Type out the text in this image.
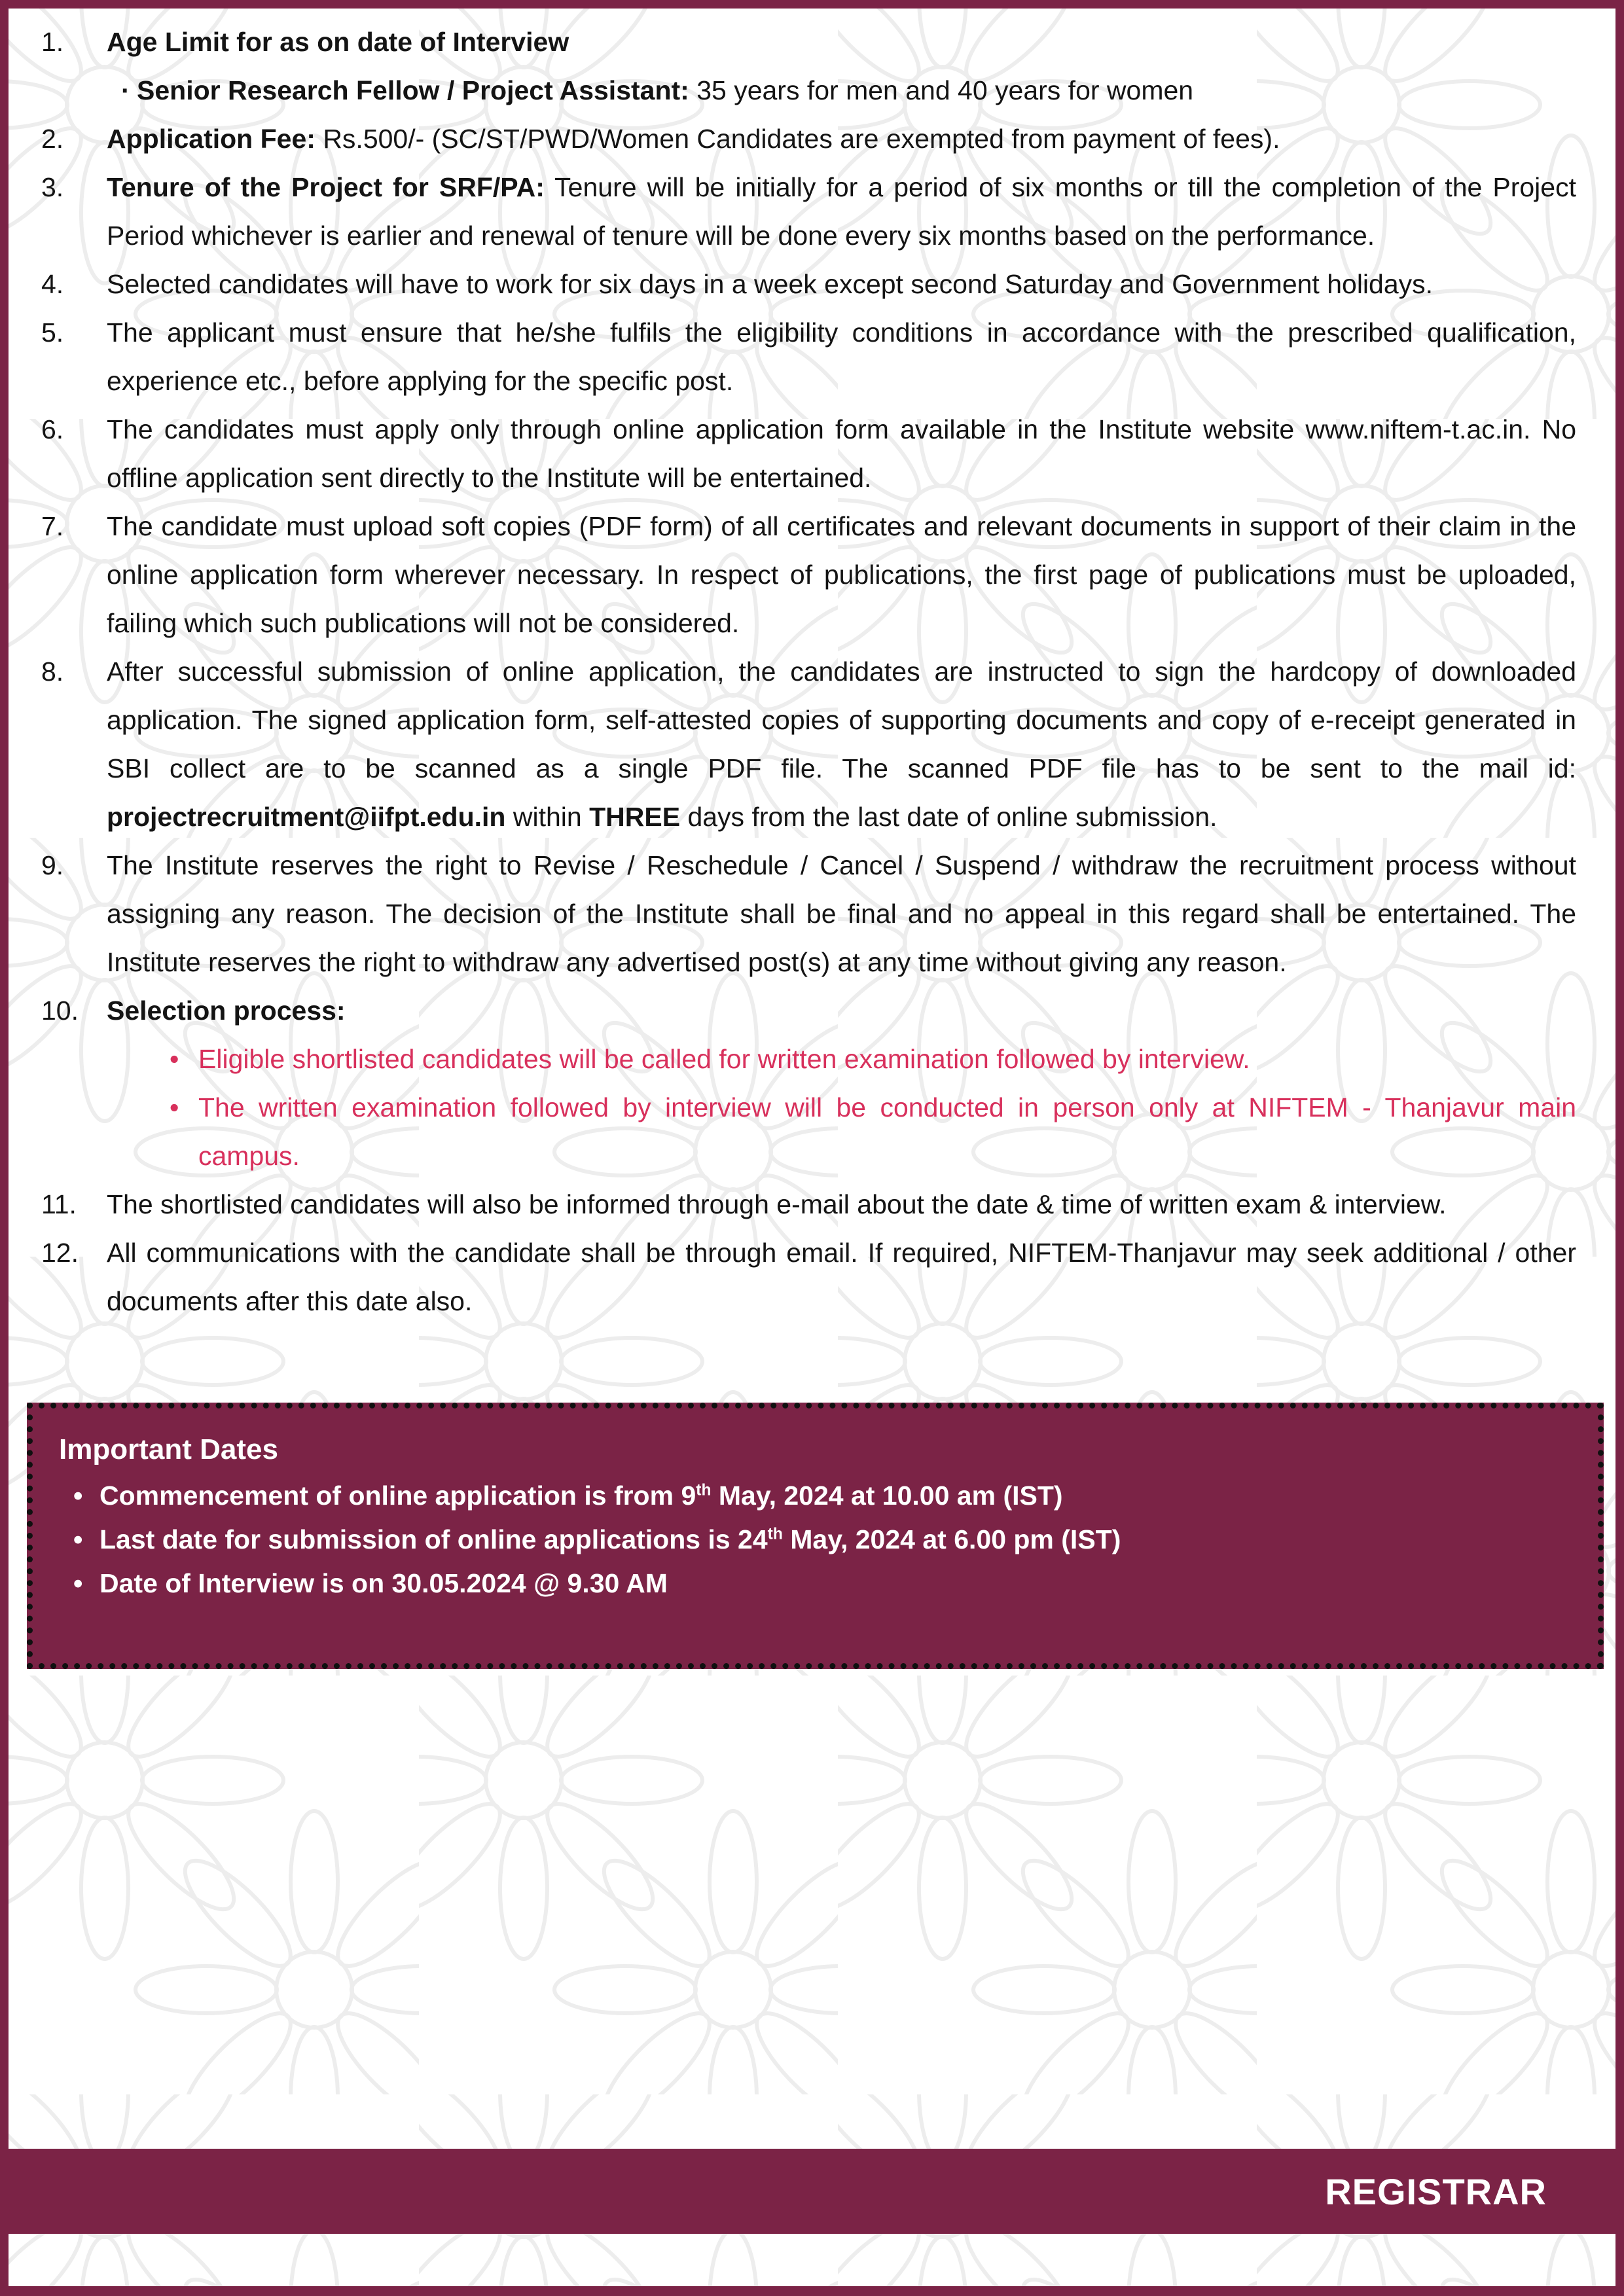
1.	Age Limit for as on date of Interview
· Senior Research Fellow / Project Assistant: 35 years for men and 40 years for women
2.	Application Fee: Rs.500/- (SC/ST/PWD/Women Candidates are exempted from payment of fees).
3.	Tenure of the Project for SRF/PA: Tenure will be initially for a period of six months or till the completion of the Project Period whichever is earlier and renewal of tenure will be done every six months based on the performance.
4.	Selected candidates will have to work for six days in a week except second Saturday and Government holidays.
5.	The applicant must ensure that he/she fulfils the eligibility conditions in accordance with the prescribed qualification, experience etc., before applying for the specific post.
6.	The candidates must apply only through online application form available in the Institute website www.niftem-t.ac.in. No offline application sent directly to the Institute will be entertained.
7.	The candidate must upload soft copies (PDF form) of all certificates and relevant documents in support of their claim in the online application form wherever necessary. In respect of publications, the first page of publications must be uploaded, failing which such publications will not be considered.
8.	After successful submission of online application, the candidates are instructed to sign the hardcopy of downloaded application. The signed application form, self-attested copies of supporting documents and copy of e-receipt generated in SBI collect are to be scanned as a single PDF file. The scanned PDF file has to be sent to the mail id: projectrecruitment@iifpt.edu.in within THREE days from the last date of online submission.
9.	The Institute reserves the right to Revise / Reschedule / Cancel / Suspend / withdraw the recruitment process without assigning any reason. The decision of the Institute shall be final and no appeal in this regard shall be entertained. The Institute reserves the right to withdraw any advertised post(s) at any time without giving any reason.
10.	Selection process:
• Eligible shortlisted candidates will be called for written examination followed by interview.
• The written examination followed by interview will be conducted in person only at NIFTEM - Thanjavur main campus.
11.	The shortlisted candidates will also be informed through e-mail about the date & time of written exam & interview.
12.	All communications with the candidate shall be through email. If required, NIFTEM-Thanjavur may seek additional / other documents after this date also.
Important Dates
• Commencement of online application is from 9th May, 2024 at 10.00 am (IST)
• Last date for submission of online applications is 24th May, 2024 at 6.00 pm (IST)
• Date of Interview is on 30.05.2024 @ 9.30 AM
REGISTRAR
